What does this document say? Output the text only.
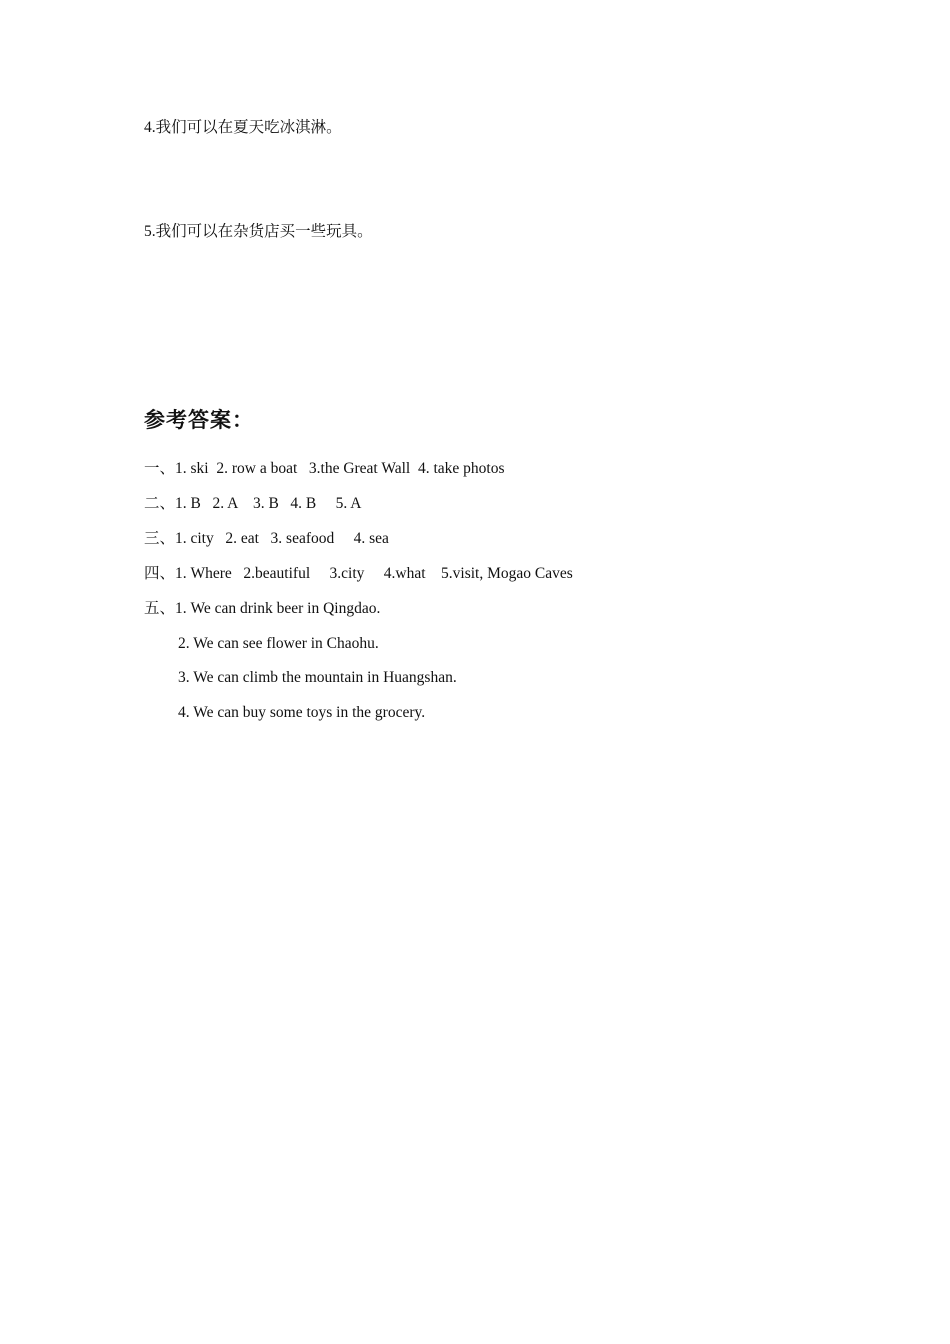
4.我们可以在夏天吃冰淇淋。
5.我们可以在杂货店买一些玩具。
参考答案：
一、1. ski  2. row a boat   3.the Great Wall  4. take photos
二、1. B   2. A    3. B   4. B     5. A
三、1. city   2. eat   3. seafood     4. sea
四、1. Where   2.beautiful     3.city     4.what    5.visit, Mogao Caves
五、1. We can drink beer in Qingdao.
2. We can see flower in Chaohu.
3. We can climb the mountain in Huangshan.
4. We can buy some toys in the grocery.
